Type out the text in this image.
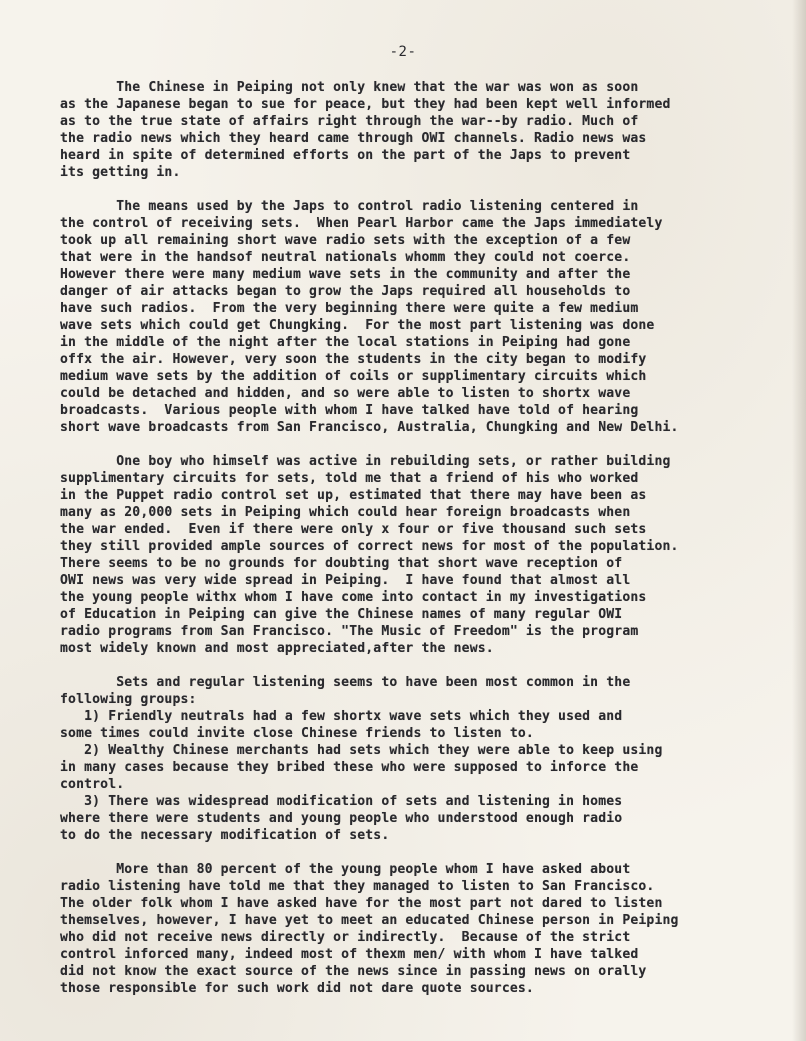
-2-
The Chinese in Peiping not only knew that the war was won as soon
as the Japanese began to sue for peace, but they had been kept well informed
as to the true state of affairs right through the war--by radio. Much of
the radio news which they heard came through OWI channels. Radio news was
heard in spite of determined efforts on the part of the Japs to prevent
its getting in.
The means used by the Japs to control radio listening centered in
the control of receiving sets.  When Pearl Harbor came the Japs immediately
took up all remaining short wave radio sets with the exception of a few
that were in the handsof neutral nationals whomm they could not coerce.
However there were many medium wave sets in the community and after the
danger of air attacks began to grow the Japs required all households to
have such radios.  From the very beginning there were quite a few medium
wave sets which could get Chungking.  For the most part listening was done
in the middle of the night after the local stations in Peiping had gone
offx the air. However, very soon the students in the city began to modify
medium wave sets by the addition of coils or supplimentary circuits which
could be detached and hidden, and so were able to listen to shortx wave
broadcasts.  Various people with whom I have talked have told of hearing
short wave broadcasts from San Francisco, Australia, Chungking and New Delhi.
One boy who himself was active in rebuilding sets, or rather building
supplimentary circuits for sets, told me that a friend of his who worked
in the Puppet radio control set up, estimated that there may have been as
many as 20,000 sets in Peiping which could hear foreign broadcasts when
the war ended.  Even if there were only x four or five thousand such sets
they still provided ample sources of correct news for most of the population.
There seems to be no grounds for doubting that short wave reception of
OWI news was very wide spread in Peiping.  I have found that almost all
the young people withx whom I have come into contact in my investigations
of Education in Peiping can give the Chinese names of many regular OWI
radio programs from San Francisco. "The Music of Freedom" is the program
most widely known and most appreciated,after the news.
Sets and regular listening seems to have been most common in the
following groups:
1) Friendly neutrals had a few shortx wave sets which they used and
some times could invite close Chinese friends to listen to.
2) Wealthy Chinese merchants had sets which they were able to keep using
in many cases because they bribed these who were supposed to inforce the
control.
3) There was widespread modification of sets and listening in homes
where there were students and young people who understood enough radio
to do the necessary modification of sets.
More than 80 percent of the young people whom I have asked about
radio listening have told me that they managed to listen to San Francisco.
The older folk whom I have asked have for the most part not dared to listen
themselves, however, I have yet to meet an educated Chinese person in Peiping
who did not receive news directly or indirectly.  Because of the strict
control inforced many, indeed most of thexm men/ with whom I have talked
did not know the exact source of the news since in passing news on orally
those responsible for such work did not dare quote sources.
